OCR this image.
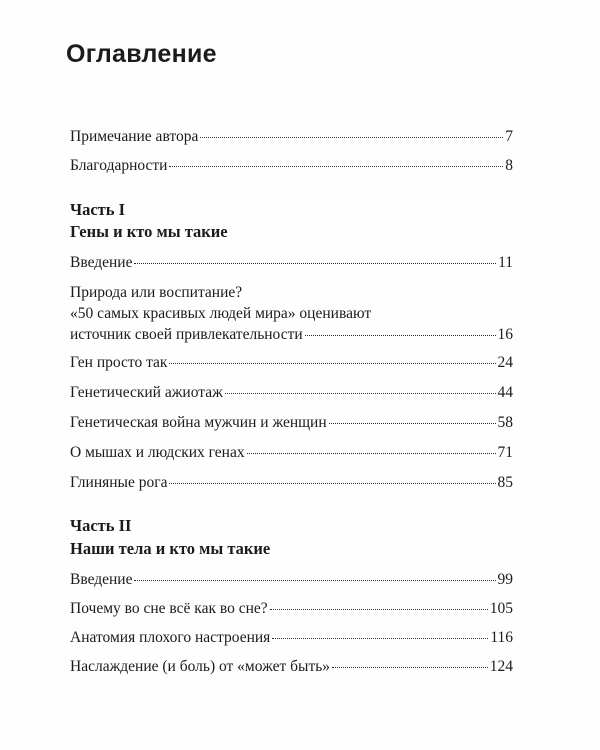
Оглавление
Примечание автора	7
Благодарности	8
Часть I
Гены и кто мы такие
Введение	11
Природа или воспитание?
«50 самых красивых людей мира» оценивают
источник своей привлекательности	16
Ген просто так	24
Генетический ажиотаж	44
Генетическая война мужчин и женщин	58
О мышах и людских генах	71
Глиняные рога	85
Часть II
Наши тела и кто мы такие
Введение	99
Почему во сне всё как во сне?	105
Анатомия плохого настроения	116
Наслаждение (и боль) от «может быть»	124
